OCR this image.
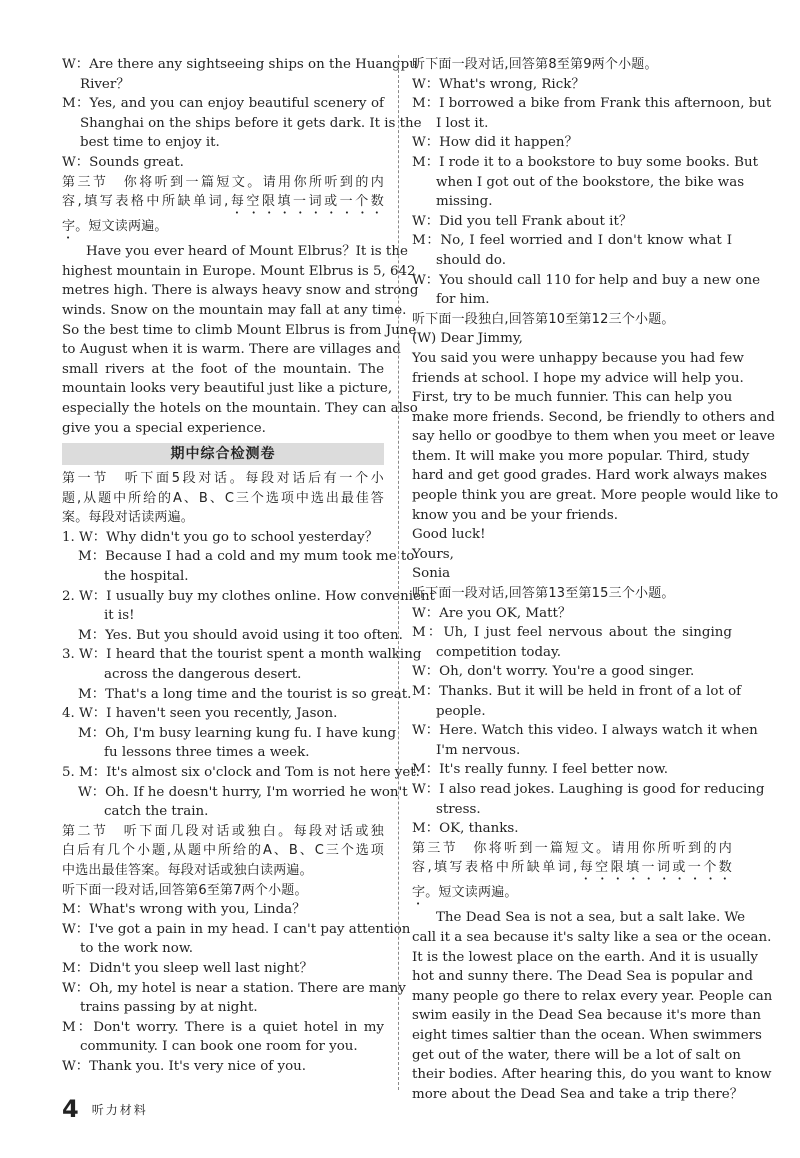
W：Are there any sightseeing ships on the Huangpu
River？
M：Yes, and you can enjoy beautiful scenery of
Shanghai on the ships before it gets dark. It is the
best time to enjoy it.
W：Sounds great.
第三节　你将听到一篇短文。请用你所听到的内
容,填写表格中所缺单词,每空限填一词或一个数
字。短文读两遍。
Have you ever heard of Mount Elbrus？It is the
highest mountain in Europe. Mount Elbrus is 5, 642
metres high. There is always heavy snow and strong
winds. Snow on the mountain may fall at any time.
So the best time to climb Mount Elbrus is from June
to August when it is warm. There are villages and
small rivers at the foot of the mountain. The
mountain looks very beautiful just like a picture,
especially the hotels on the mountain. They can also
give you a special experience.
期中综合检测卷
第一节　听下面5段对话。每段对话后有一个小
题,从题中所给的A、B、C三个选项中选出最佳答
案。每段对话读两遍。
1. W：Why didn't you go to school yesterday？
M：Because I had a cold and my mum took me to
the hospital.
2. W：I usually buy my clothes online. How convenient
it is!
M：Yes. But you should avoid using it too often.
3. W：I heard that the tourist spent a month walking
across the dangerous desert.
M：That's a long time and the tourist is so great.
4. W：I haven't seen you recently, Jason.
M：Oh, I'm busy learning kung fu. I have kung
fu lessons three times a week.
5. M：It's almost six o'clock and Tom is not here yet.
W：Oh. If he doesn't hurry, I'm worried he won't
catch the train.
第二节　听下面几段对话或独白。每段对话或独
白后有几个小题,从题中所给的A、B、C三个选项
中选出最佳答案。每段对话或独白读两遍。
听下面一段对话,回答第6至第7两个小题。
M：What's wrong with you, Linda？
W：I've got a pain in my head. I can't pay attention
to the work now.
M：Didn't you sleep well last night？
W：Oh, my hotel is near a station. There are many
trains passing by at night.
M：Don't worry. There is a quiet hotel in my
community. I can book one room for you.
W：Thank you. It's very nice of you.
听下面一段对话,回答第8至第9两个小题。
W：What's wrong, Rick？
M：I borrowed a bike from Frank this afternoon, but
I lost it.
W：How did it happen？
M：I rode it to a bookstore to buy some books. But
when I got out of the bookstore, the bike was
missing.
W：Did you tell Frank about it？
M：No, I feel worried and I don't know what I
should do.
W：You should call 110 for help and buy a new one
for him.
听下面一段独白,回答第10至第12三个小题。
(W) Dear Jimmy,
You said you were unhappy because you had few
friends at school. I hope my advice will help you.
First, try to be much funnier. This can help you
make more friends. Second, be friendly to others and
say hello or goodbye to them when you meet or leave
them. It will make you more popular. Third, study
hard and get good grades. Hard work always makes
people think you are great. More people would like to
know you and be your friends.
Good luck!
Yours,
Sonia
听下面一段对话,回答第13至第15三个小题。
W：Are you OK, Matt？
M：Uh, I just feel nervous about the singing
competition today.
W：Oh, don't worry. You're a good singer.
M：Thanks. But it will be held in front of a lot of
people.
W：Here. Watch this video. I always watch it when
I'm nervous.
M：It's really funny. I feel better now.
W：I also read jokes. Laughing is good for reducing
stress.
M：OK, thanks.
第三节　你将听到一篇短文。请用你所听到的内
容,填写表格中所缺单词,每空限填一词或一个数
字。短文读两遍。
The Dead Sea is not a sea, but a salt lake. We
call it a sea because it's salty like a sea or the ocean.
It is the lowest place on the earth. And it is usually
hot and sunny there. The Dead Sea is popular and
many people go there to relax every year. People can
swim easily in the Dead Sea because it's more than
eight times saltier than the ocean. When swimmers
get out of the water, there will be a lot of salt on
their bodies. After hearing this, do you want to know
more about the Dead Sea and take a trip there？
4 听力材料
